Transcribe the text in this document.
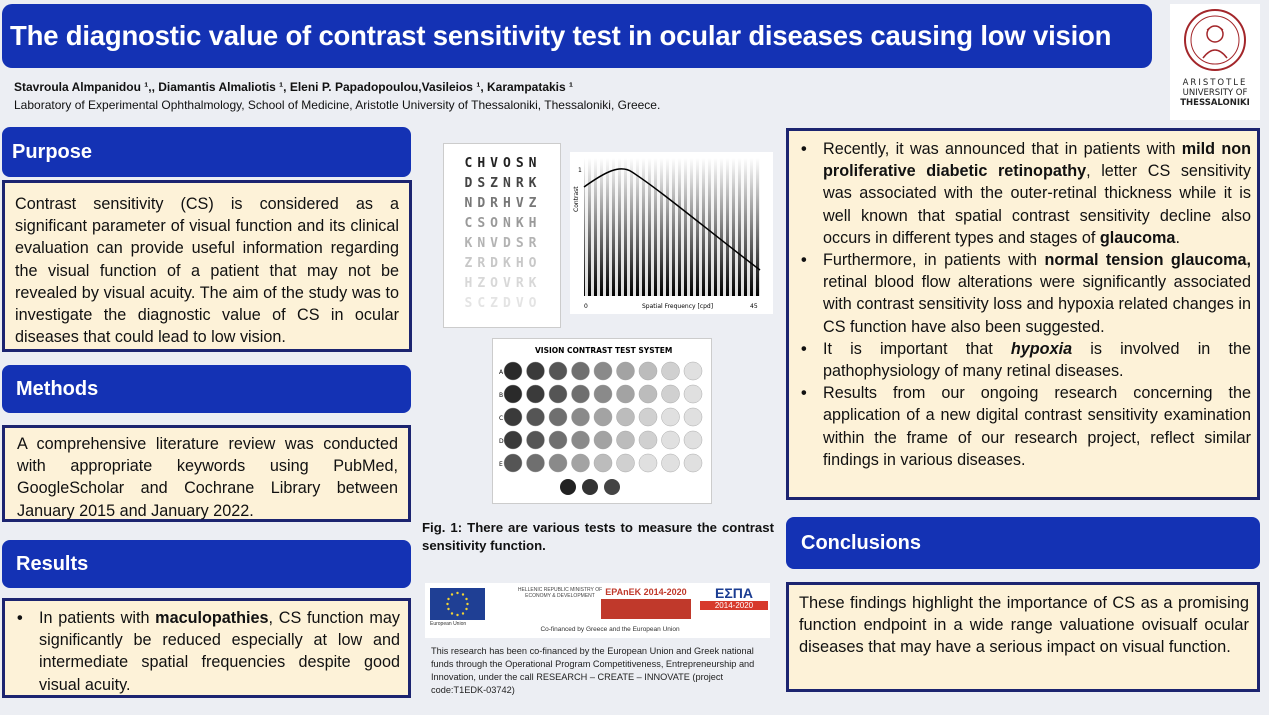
The diagnostic value of contrast sensitivity test in ocular diseases causing low vision
ARISTOTLE
UNIVERSITY OF
THESSALONIKI
Stavroula Almpanidou ¹,, Diamantis Almaliotis ¹, Eleni P. Papadopoulou,Vasileios ¹, Karampatakis ¹
Laboratory of Experimental Ophthalmology, School of Medicine, Aristotle University of Thessaloniki, Thessaloniki, Greece.
Purpose

Contrast sensitivity (CS) is considered as a significant parameter of visual function and its clinical evaluation can provide useful information regarding the visual function of a patient that may not be revealed by visual acuity. The aim of the study was to investigate the diagnostic value of CS in ocular diseases that could lead to low vision.

Methods

A comprehensive literature review was conducted with appropriate keywords using PubMed, GoogleScholar and Cochrane Library between January 2015 and January 2022.

Results
• In patients with maculopathies, CS function may significantly be reduced especially at low and intermediate spatial frequencies despite good visual acuity.
CHVOSN
DSZNRK
NDRHVZ
CSONKH
KNVDSR
ZRDKHO
HZOVRK
SCZDVO
Contrast
1
0	Spatial Frequency [cpd]	45
VISION CONTRAST TEST SYSTEM
A
B
C
D
E
Fig. 1: There are various tests to measure the contrast sensitivity function.
• Recently, it was announced that in patients with mild non proliferative diabetic retinopathy, letter CS sensitivity was associated with the outer-retinal thickness while it is well known that spatial contrast sensitivity decline also occurs in different types and stages of glaucoma.
• Furthermore, in patients with normal tension glaucoma, retinal blood flow alterations were significantly associated with contrast sensitivity loss and hypoxia related changes in CS function have also been suggested.
• It is important that hypoxia is involved in the pathophysiology of many retinal diseases.
• Results from our ongoing research concerning the application of a new digital contrast sensitivity examination within the frame of our research project, reflect similar findings in various diseases.
Conclusions

These findings highlight the importance of CS as a promising function endpoint in a wide range valuatione ovisualf ocular diseases that may have a serious impact on visual function.

European Union
HELLENIC REPUBLIC MINISTRY OF ECONOMY & DEVELOPMENT	EPAnEK 2014-2020	ΕΣΠΑ
2014-2020
Co-financed by Greece and the European Union
This research has been co-financed by the European Union and Greek national funds through the Operational Program Competitiveness, Entrepreneurship and Innovation, under the call RESEARCH – CREATE – INNOVATE (project code:T1EDK-03742)
